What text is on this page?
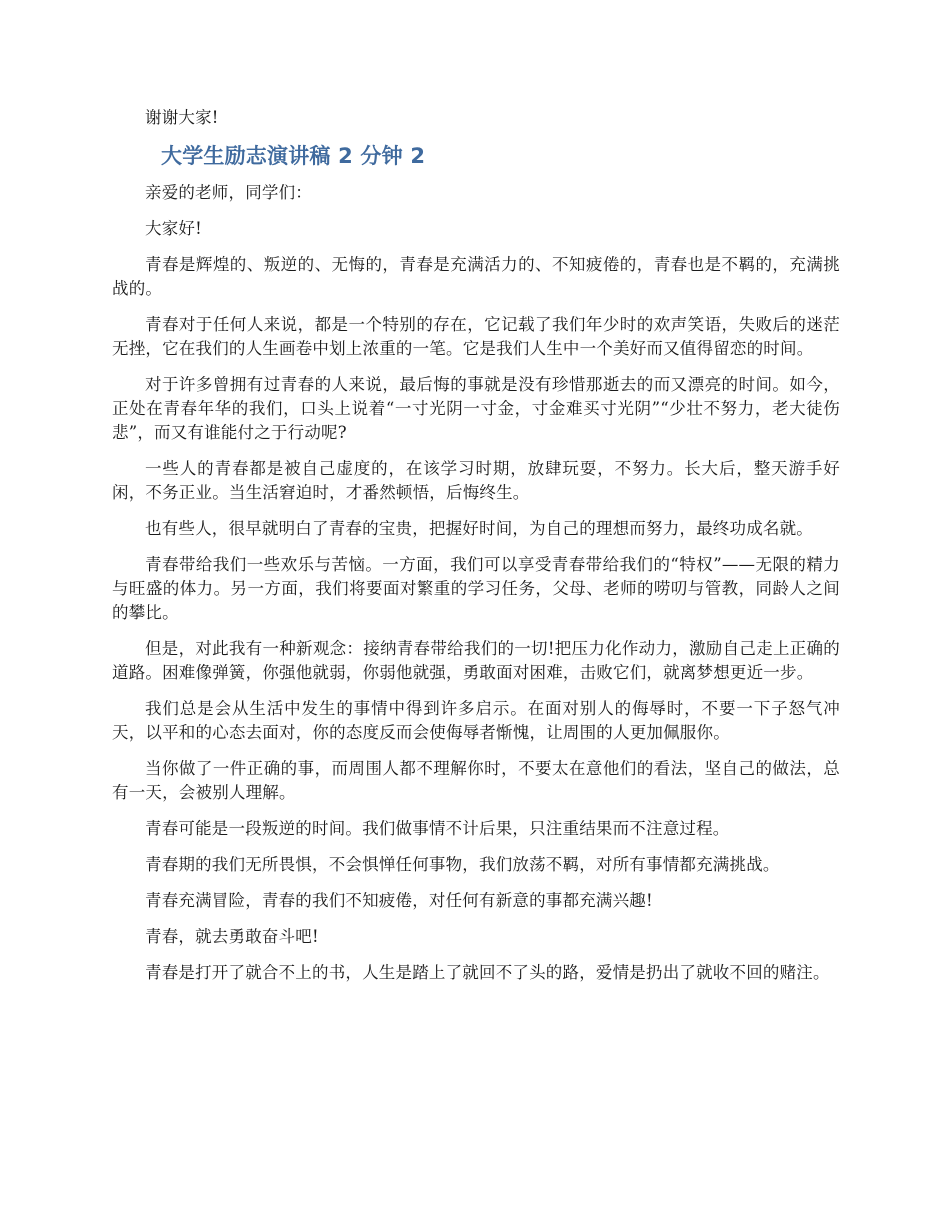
谢谢大家!

大学生励志演讲稿 2 分钟 2

亲爱的老师，同学们：

大家好!

青春是辉煌的、叛逆的、无悔的，青春是充满活力的、不知疲倦的，青春也是不羁的，充满挑战的。

青春对于任何人来说，都是一个特别的存在，它记载了我们年少时的欢声笑语，失败后的迷茫无挫，它在我们的人生画卷中划上浓重的一笔。它是我们人生中一个美好而又值得留恋的时间。

对于许多曾拥有过青春的人来说，最后悔的事就是没有珍惜那逝去的而又漂亮的时间。如今，正处在青春年华的我们，口头上说着“一寸光阴一寸金，寸金难买寸光阴”“少壮不努力，老大徒伤悲”，而又有谁能付之于行动呢?

一些人的青春都是被自己虚度的，在该学习时期，放肆玩耍，不努力。长大后，整天游手好闲，不务正业。当生活窘迫时，才番然顿悟，后悔终生。

也有些人，很早就明白了青春的宝贵，把握好时间，为自己的理想而努力，最终功成名就。

青春带给我们一些欢乐与苦恼。一方面，我们可以享受青春带给我们的“特权”——无限的精力与旺盛的体力。另一方面，我们将要面对繁重的学习任务，父母、老师的唠叨与管教，同龄人之间的攀比。

但是，对此我有一种新观念：接纳青春带给我们的一切!把压力化作动力，激励自己走上正确的道路。困难像弹簧，你强他就弱，你弱他就强，勇敢面对困难，击败它们，就离梦想更近一步。

我们总是会从生活中发生的事情中得到许多启示。在面对别人的侮辱时，不要一下子怒气冲天，以平和的心态去面对，你的态度反而会使侮辱者惭愧，让周围的人更加佩服你。

当你做了一件正确的事，而周围人都不理解你时，不要太在意他们的看法，坚自己的做法，总有一天，会被别人理解。

青春可能是一段叛逆的时间。我们做事情不计后果，只注重结果而不注意过程。

青春期的我们无所畏惧，不会惧惮任何事物，我们放荡不羁，对所有事情都充满挑战。

青春充满冒险，青春的我们不知疲倦，对任何有新意的事都充满兴趣!

青春，就去勇敢奋斗吧!

青春是打开了就合不上的书，人生是踏上了就回不了头的路，爱情是扔出了就收不回的赌注。
